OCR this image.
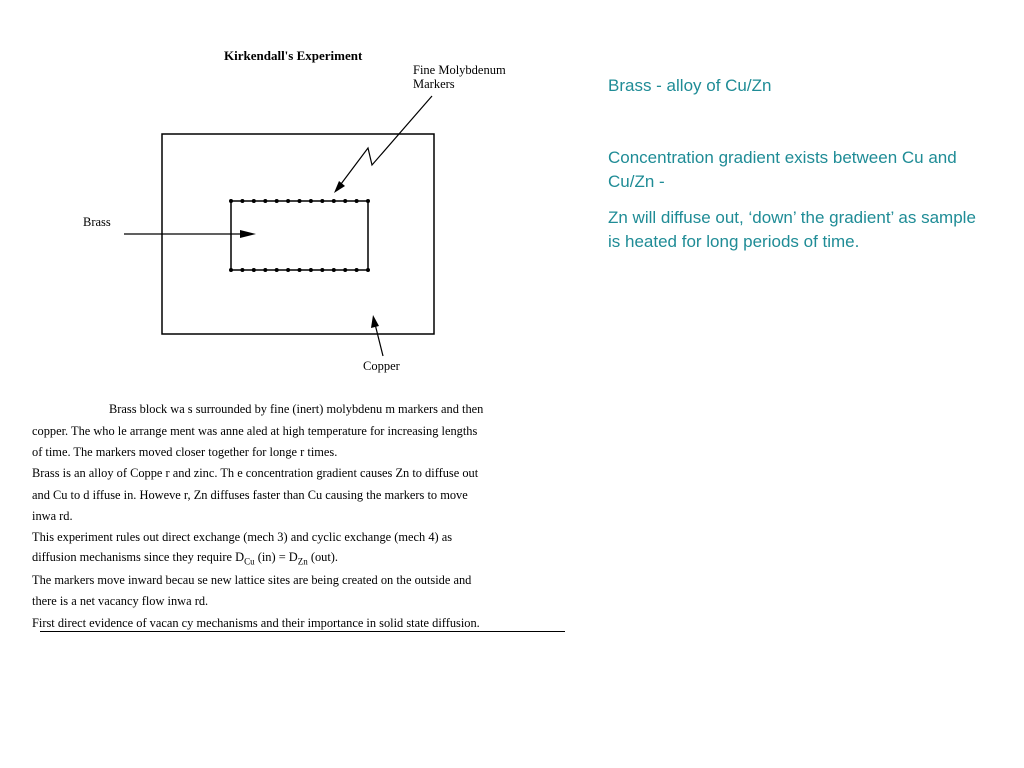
Kirkendall's Experiment
Fine Molybdenum
Markers
Brass
Copper
Brass block wa s surrounded by fine (inert) molybdenu m markers and then
copper. The who le arrange ment was anne aled at high temperature for increasing lengths
of time. The markers moved closer together for longe r times.
Brass is an alloy of Coppe r and zinc. Th e concentration gradient causes Zn to diffuse out
and Cu to d iffuse in. Howeve r, Zn diffuses faster than Cu causing the markers to move
inwa rd.
This experiment rules out direct exchange (mech 3) and cyclic exchange (mech 4) as
diffusion mechanisms since they require $D_{Cu}$ $(in) = D_{Zn}$ (out).
The markers move inward becau se new lattice sites are being created on the outside and
there is a net vacancy flow inwa rd.
First direct evidence of vacan cy mechanisms and their importance in solid state diffusion.
Brass - alloy of Cu/Zn
Concentration gradient exists between Cu and Cu/Zn -
Zn will diffuse out, ‘down’ the gradient’ as sample is heated for long periods of time.
